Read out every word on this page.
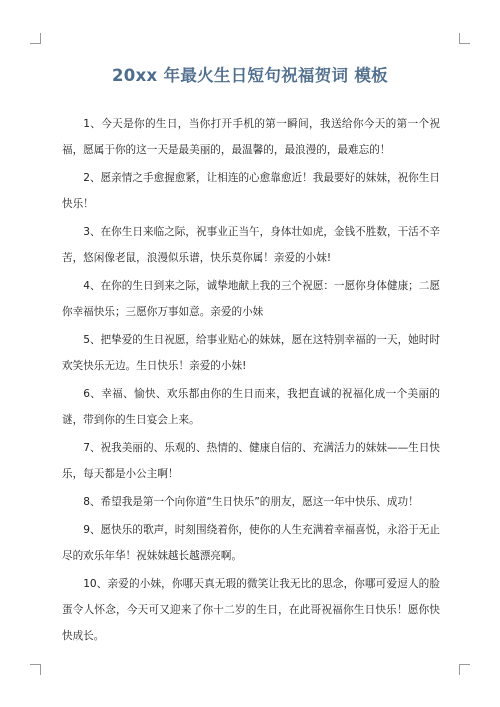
20xx 年最火生日短句祝福贺词 模板

1、今天是你的生日，当你打开手机的第一瞬间，我送给你今天的第一个祝福，愿属于你的这一天是最美丽的，最温馨的，最浪漫的，最难忘的！

2、愿亲情之手愈握愈紧，让相连的心愈靠愈近！我最要好的妹妹，祝你生日快乐！

3、在你生日来临之际，祝事业正当午，身体壮如虎，金钱不胜数，干活不辛苦，悠闲像老鼠，浪漫似乐谱，快乐莫你属！亲爱的小妹!

4、在你的生日到来之际，诚挚地献上我的三个祝愿：一愿你身体健康；二愿你幸福快乐；三愿你万事如意。亲爱的小妹

5、把挚爱的生日祝愿，给事业贴心的妹妹，愿在这特别幸福的一天，她时时欢笑快乐无边。生日快乐！亲爱的小妹!

6、幸福、愉快、欢乐都由你的生日而来，我把直诚的祝福化成一个美丽的谜，带到你的生日宴会上来。

7、祝我美丽的、乐观的、热情的、健康自信的、充满活力的妹妹——生日快乐，每天都是小公主啊！

8、希望我是第一个向你道“生日快乐”的朋友，愿这一年中快乐、成功！

9、愿快乐的歌声，时刻围绕着你，使你的人生充满着幸福喜悦，永浴于无止尽的欢乐年华！祝妹妹越长越漂亮啊。

10、亲爱的小妹，你哪天真无瑕的微笑让我无比的思念，你哪可爱逗人的脸蛋令人怀念，今天可又迎来了你十二岁的生日，在此哥祝福你生日快乐！愿你快快成长。
